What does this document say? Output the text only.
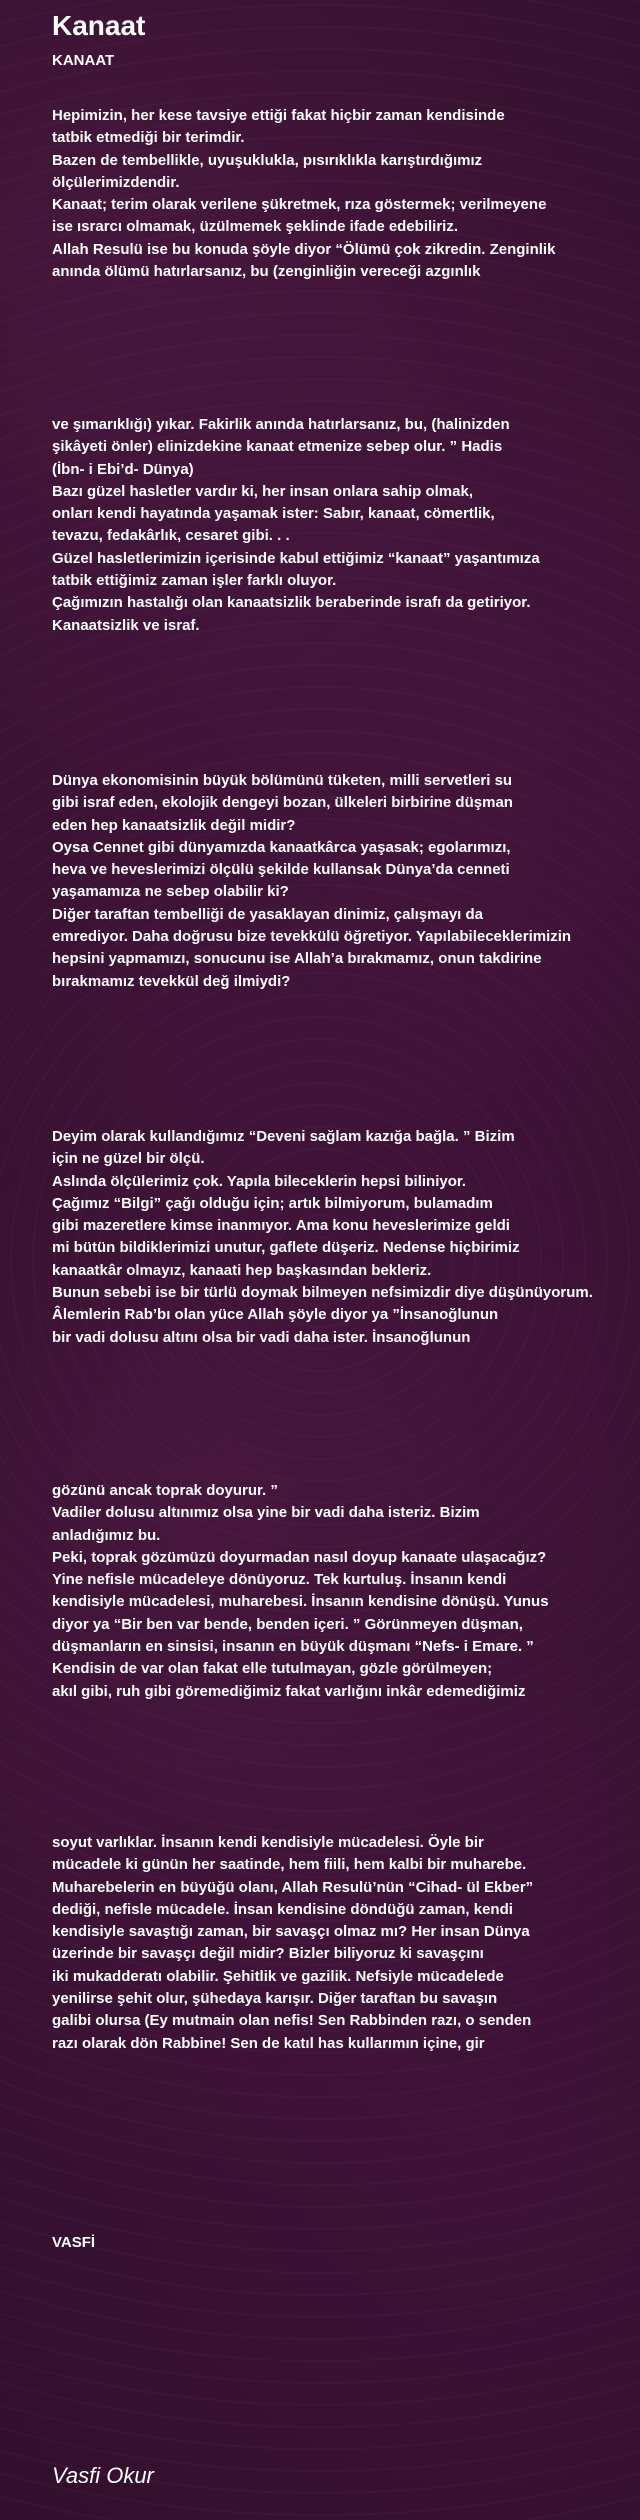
Kanaat
KANAAT
Hepimizin, her kese tavsiye ettiği fakat hiçbir zaman kendisinde
tatbik etmediği bir terimdir.
Bazen de tembellikle, uyuşuklukla, pısırıklıkla karıştırdığımız
ölçülerimizdendir.
Kanaat; terim olarak verilene şükretmek, rıza göstermek; verilmeyene
ise ısrarcı olmamak, üzülmemek şeklinde ifade edebiliriz.
Allah Resulü ise bu konuda şöyle diyor “Ölümü çok zikredin. Zenginlik
anında ölümü hatırlarsanız, bu (zenginliğin vereceği azgınlık
ve şımarıklığı) yıkar. Fakirlik anında hatırlarsanız, bu, (halinizden
şikâyeti önler) elinizdekine kanaat etmenize sebep olur. ” Hadis
(İbn- i Ebi’d- Dünya)
Bazı güzel hasletler vardır ki, her insan onlara sahip olmak,
onları kendi hayatında yaşamak ister: Sabır, kanaat, cömertlik,
tevazu, fedakârlık, cesaret gibi. . .
Güzel hasletlerimizin içerisinde kabul ettiğimiz “kanaat” yaşantımıza
tatbik ettiğimiz zaman işler farklı oluyor.
Çağımızın hastalığı olan kanaatsizlik beraberinde israfı da getiriyor.
Kanaatsizlik ve israf.
Dünya ekonomisinin büyük bölümünü tüketen, milli servetleri su
gibi israf eden, ekolojik dengeyi bozan, ülkeleri birbirine düşman
eden hep kanaatsizlik değil midir?
Oysa Cennet gibi dünyamızda kanaatkârca yaşasak; egolarımızı,
heva ve heveslerimizi ölçülü şekilde kullansak Dünya’da cenneti
yaşamamıza ne sebep olabilir ki?
Diğer taraftan tembelliği de yasaklayan dinimiz, çalışmayı da
emrediyor. Daha doğrusu bize tevekkülü öğretiyor. Yapılabileceklerimizin
hepsini yapmamızı, sonucunu ise Allah’a bırakmamız, onun takdirine
bırakmamız tevekkül değ ilmiydi?
Deyim olarak kullandığımız “Deveni sağlam kazığa bağla. ” Bizim
için ne güzel bir ölçü.
Aslında ölçülerimiz çok. Yapıla bileceklerin hepsi biliniyor.
Çağımız “Bilgi” çağı olduğu için; artık bilmiyorum, bulamadım
gibi mazeretlere kimse inanmıyor. Ama konu heveslerimize geldi
mi bütün bildiklerimizi unutur, gaflete düşeriz. Nedense hiçbirimiz
kanaatkâr olmayız, kanaati hep başkasından bekleriz.
Bunun sebebi ise bir türlü doymak bilmeyen nefsimizdir diye düşünüyorum.
Âlemlerin Rab’bı olan yüce Allah şöyle diyor ya ”İnsanoğlunun
bir vadi dolusu altını olsa bir vadi daha ister. İnsanoğlunun
gözünü ancak toprak doyurur. ”
Vadiler dolusu altınımız olsa yine bir vadi daha isteriz. Bizim
anladığımız bu.
Peki, toprak gözümüzü doyurmadan nasıl doyup kanaate ulaşacağız?
Yine nefisle mücadeleye dönüyoruz. Tek kurtuluş. İnsanın kendi
kendisiyle mücadelesi, muharebesi. İnsanın kendisine dönüşü. Yunus
diyor ya “Bir ben var bende, benden içeri. ” Görünmeyen düşman,
düşmanların en sinsisi, insanın en büyük düşmanı “Nefs- i Emare. ”
Kendisin de var olan fakat elle tutulmayan, gözle görülmeyen;
akıl gibi, ruh gibi göremediğimiz fakat varlığını inkâr edemediğimiz
soyut varlıklar. İnsanın kendi kendisiyle mücadelesi. Öyle bir
mücadele ki günün her saatinde, hem fiili, hem kalbi bir muharebe.
Muharebelerin en büyüğü olanı, Allah Resulü’nün “Cihad- ül Ekber”
dediği, nefisle mücadele. İnsan kendisine döndüğü zaman, kendi
kendisiyle savaştığı zaman, bir savaşçı olmaz mı? Her insan Dünya
üzerinde bir savaşçı değil midir? Bizler biliyoruz ki savaşçını
iki mukadderatı olabilir. Şehitlik ve gazilik. Nefsiyle mücadelede
yenilirse şehit olur, şühedaya karışır. Diğer taraftan bu savaşın
galibi olursa (Ey mutmain olan nefis! Sen Rabbinden razı, o senden
razı olarak dön Rabbine! Sen de katıl has kullarımın içine, gir
VASFİ
Vasfi Okur
